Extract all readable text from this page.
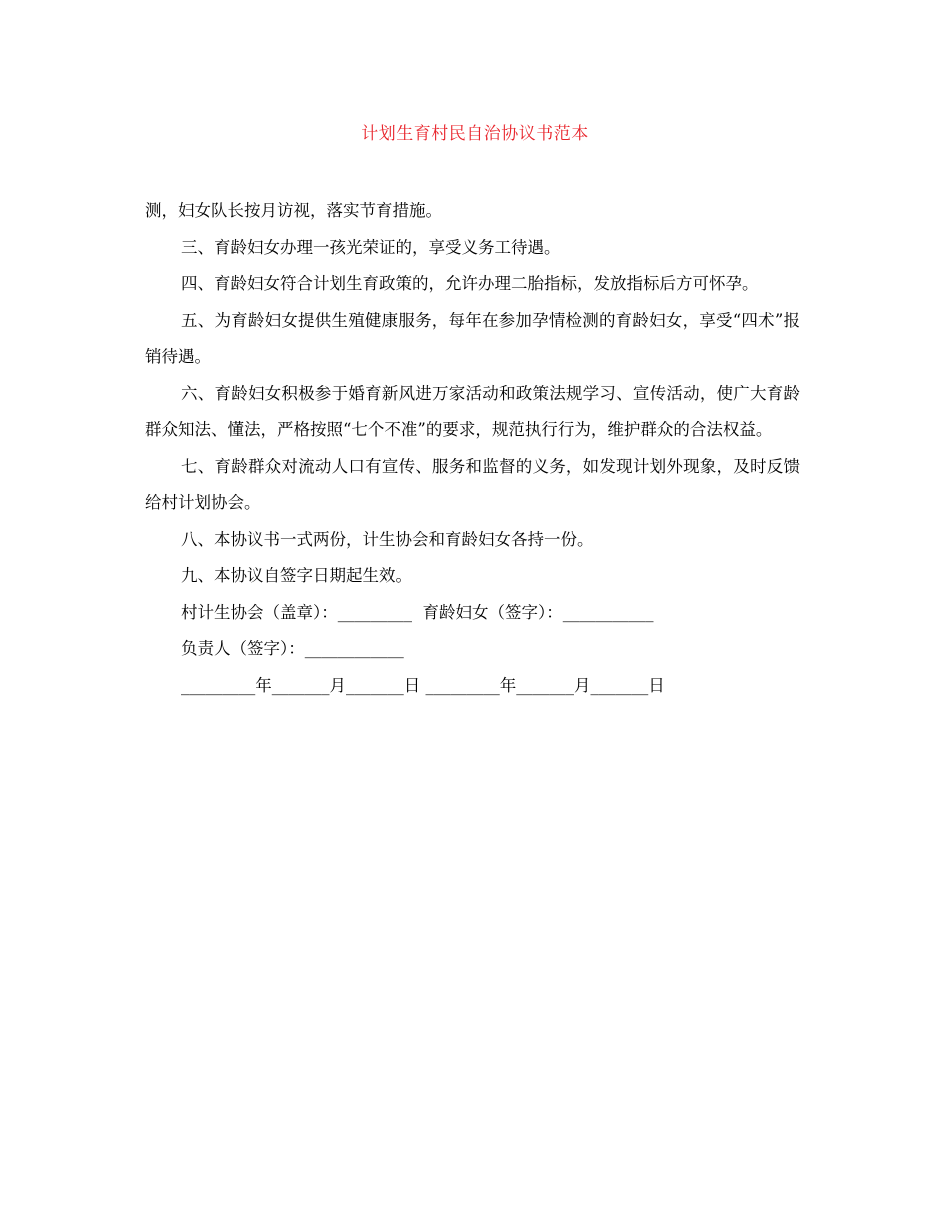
计划生育村民自治协议书范本

测，妇女队长按月访视，落实节育措施。

三、育龄妇女办理一孩光荣证的，享受义务工待遇。

四、育龄妇女符合计划生育政策的，允许办理二胎指标，发放指标后方可怀孕。

五、为育龄妇女提供生殖健康服务，每年在参加孕情检测的育龄妇女，享受“四术”报销待遇。

六、育龄妇女积极参于婚育新风进万家活动和政策法规学习、宣传活动，使广大育龄群众知法、懂法，严格按照“七个不准”的要求，规范执行行为，维护群众的合法权益。

七、育龄群众对流动人口有宣传、服务和监督的义务，如发现计划外现象，及时反馈给村计划协会。

八、本协议书一式两份，计生协会和育龄妇女各持一份。

九、本协议自签字日期起生效。

村计生协会（盖章）：_________  育龄妇女（签字）：___________
负责人（签字）：____________
_________年_______月_______日 _________年_______月_______日
